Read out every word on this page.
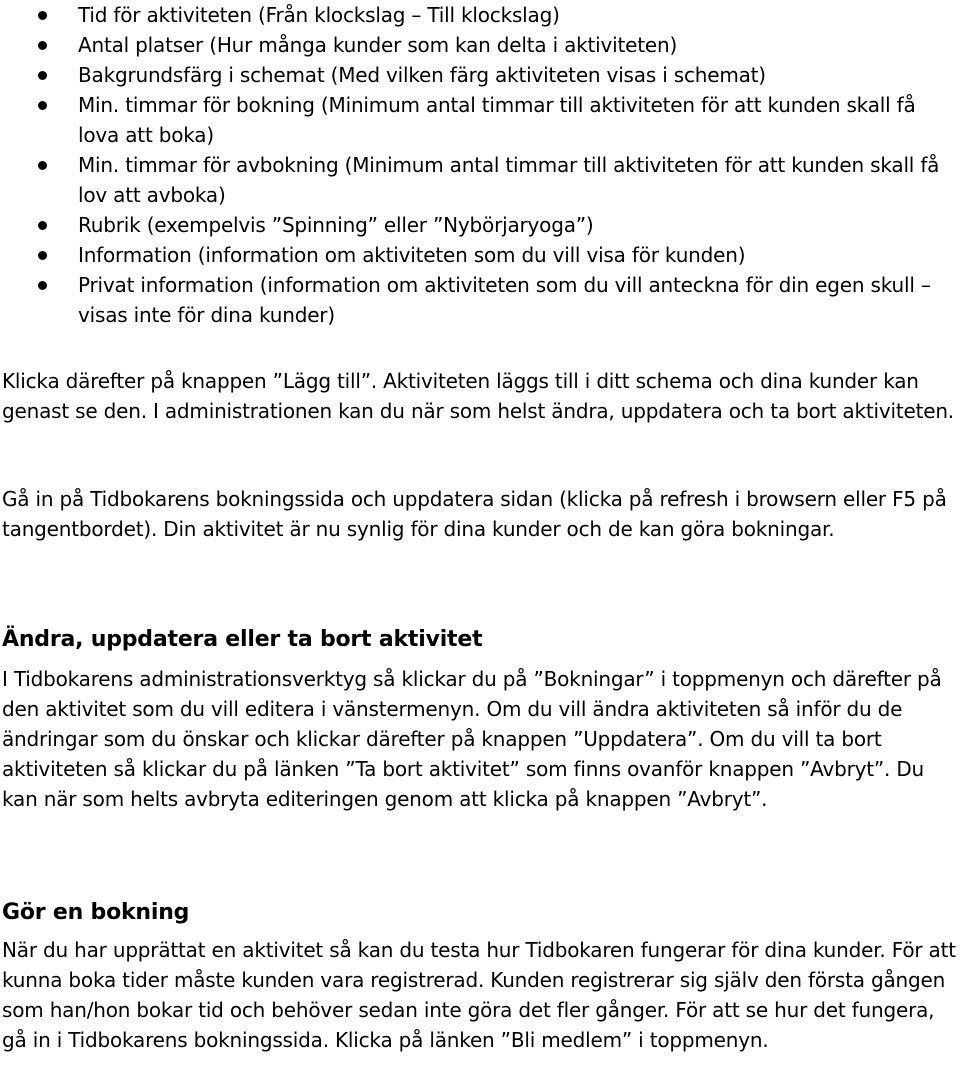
Tid för aktiviteten (Från klockslag – Till klockslag)
Antal platser (Hur många kunder som kan delta i aktiviteten)
Bakgrundsfärg i schemat (Med vilken färg aktiviteten visas i schemat)
Min. timmar för bokning (Minimum antal timmar till aktiviteten för att kunden skall få lova att boka)
Min. timmar för avbokning (Minimum antal timmar till aktiviteten för att kunden skall få lov att avboka)
Rubrik (exempelvis ”Spinning” eller ”Nybörjaryoga”)
Information (information om aktiviteten som du vill visa för kunden)
Privat information (information om aktiviteten som du vill anteckna för din egen skull – visas inte för dina kunder)

Klicka därefter på knappen ”Lägg till”. Aktiviteten läggs till i ditt schema och dina kunder kan genast se den. I administrationen kan du när som helst ändra, uppdatera och ta bort aktiviteten.

Gå in på Tidbokarens bokningssida och uppdatera sidan (klicka på refresh i browsern eller F5 på tangentbordet). Din aktivitet är nu synlig för dina kunder och de kan göra bokningar.

Ändra, uppdatera eller ta bort aktivitet

I Tidbokarens administrationsverktyg så klickar du på ”Bokningar” i toppmenyn och därefter på den aktivitet som du vill editera i vänstermenyn. Om du vill ändra aktiviteten så inför du de ändringar som du önskar och klickar därefter på knappen ”Uppdatera”. Om du vill ta bort aktiviteten så klickar du på länken ”Ta bort aktivitet” som finns ovanför knappen ”Avbryt”. Du kan när som helts avbryta editeringen genom att klicka på knappen ”Avbryt”.

Gör en bokning

När du har upprättat en aktivitet så kan du testa hur Tidbokaren fungerar för dina kunder. För att kunna boka tider måste kunden vara registrerad. Kunden registrerar sig själv den första gången som han/hon bokar tid och behöver sedan inte göra det fler gånger. För att se hur det fungera, gå in i Tidbokarens bokningssida. Klicka på länken ”Bli medlem” i toppmenyn.
